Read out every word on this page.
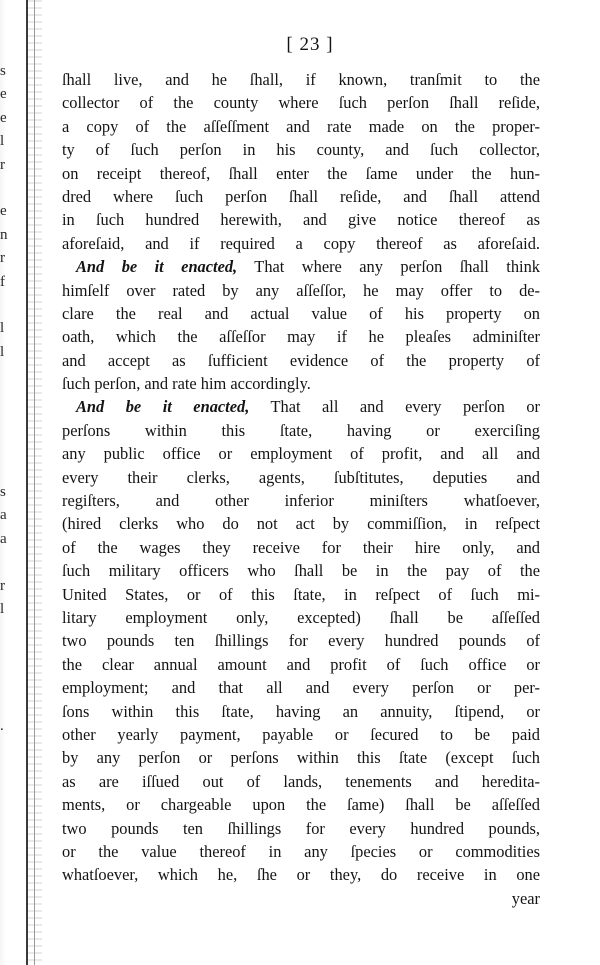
s
e
e
l
r
e
n
r
f
l
l
s
a
a
r
l
.
[ 23 ]
ſhall live, and he ſhall, if known, tranſmit to the
collector of the county where ſuch perſon ſhall reſide,
a copy of the aſſeſſment and rate made on the proper-
ty of ſuch perſon in his county, and ſuch collector,
on receipt thereof, ſhall enter the ſame under the hun-
dred where ſuch perſon ſhall reſide, and ſhall attend
in ſuch hundred herewith, and give notice thereof as
aforeſaid, and if required a copy thereof as aforeſaid.
And be it enacted, That where any perſon ſhall think
himſelf over rated by any aſſeſſor, he may offer to de-
clare the real and actual value of his property on
oath, which the aſſeſſor may if he pleaſes adminiſter
and accept as ſufficient evidence of the property of
ſuch perſon, and rate him accordingly.
And be it enacted, That all and every perſon or
perſons within this ſtate, having or exerciſing
any public office or employment of profit, and all and
every their clerks, agents, ſubſtitutes, deputies and
regiſters, and other inferior miniſters whatſoever,
(hired clerks who do not act by commiſſion, in reſpect
of the wages they receive for their hire only, and
ſuch military officers who ſhall be in the pay of the
United States, or of this ſtate, in reſpect of ſuch mi-
litary employment only, excepted) ſhall be aſſeſſed
two pounds ten ſhillings for every hundred pounds of
the clear annual amount and profit of ſuch office or
employment; and that all and every perſon or per-
ſons within this ſtate, having an annuity, ſtipend, or
other yearly payment, payable or ſecured to be paid
by any perſon or perſons within this ſtate (except ſuch
as are iſſued out of lands, tenements and heredita-
ments, or chargeable upon the ſame) ſhall be aſſeſſed
two pounds ten ſhillings for every hundred pounds,
or the value thereof in any ſpecies or commodities
whatſoever, which he, ſhe or they, do receive in one
year
